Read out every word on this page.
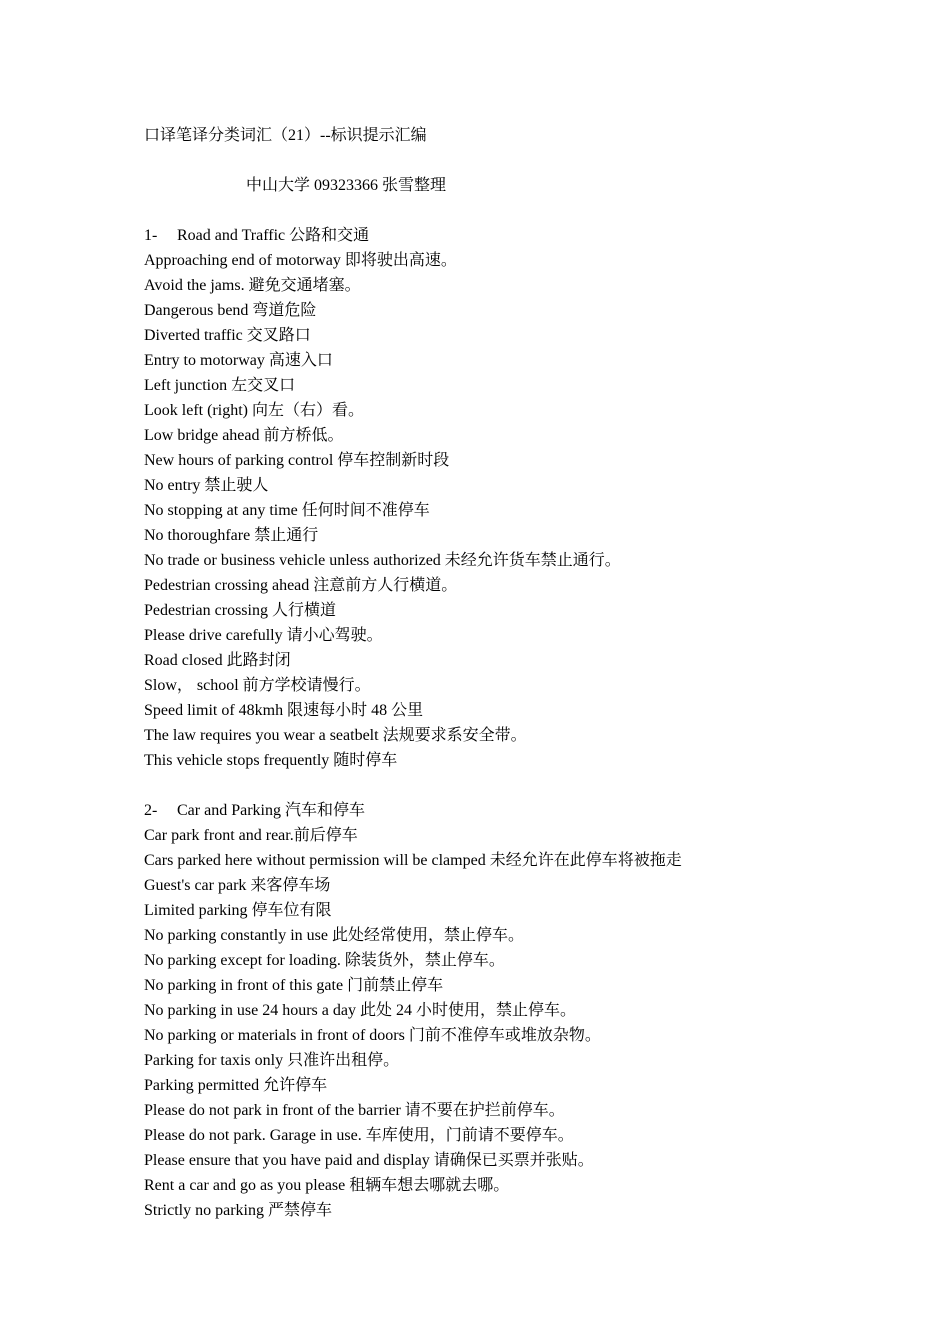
口译笔译分类词汇（21）--标识提示汇编
中山大学 09323366 张雪整理
1- Road and Traffic 公路和交通
Approaching end of motorway 即将驶出高速。
Avoid the jams. 避免交通堵塞。
Dangerous bend 弯道危险
Diverted traffic 交叉路口
Entry to motorway 高速入口
Left junction 左交叉口
Look left (right) 向左（右）看。
Low bridge ahead 前方桥低。
New hours of parking control 停车控制新时段
No entry 禁止驶人
No stopping at any time 任何时间不准停车
No thoroughfare 禁止通行
No trade or business vehicle unless authorized 未经允许货车禁止通行。
Pedestrian crossing ahead 注意前方人行横道。
Pedestrian crossing 人行横道
Please drive carefully 请小心驾驶。
Road closed 此路封闭
Slow， school 前方学校请慢行。
Speed limit of 48kmh 限速每小时 48 公里
The law requires you wear a seatbelt 法规要求系安全带。
This vehicle stops frequently 随时停车
2- Car and Parking 汽车和停车
Car park front and rear.前后停车
Cars parked here without permission will be clamped 未经允许在此停车将被拖走
Guest's car park 来客停车场
Limited parking 停车位有限
No parking constantly in use 此处经常使用，禁止停车。
No parking except for loading. 除装货外，禁止停车。
No parking in front of this gate 门前禁止停车
No parking in use 24 hours a day 此处 24 小时使用，禁止停车。
No parking or materials in front of doors 门前不准停车或堆放杂物。
Parking for taxis only 只准许出租停。
Parking permitted 允许停车
Please do not park in front of the barrier 请不要在护拦前停车。
Please do not park. Garage in use. 车库使用，门前请不要停车。
Please ensure that you have paid and display 请确保已买票并张贴。
Rent a car and go as you please 租辆车想去哪就去哪。
Strictly no parking 严禁停车
